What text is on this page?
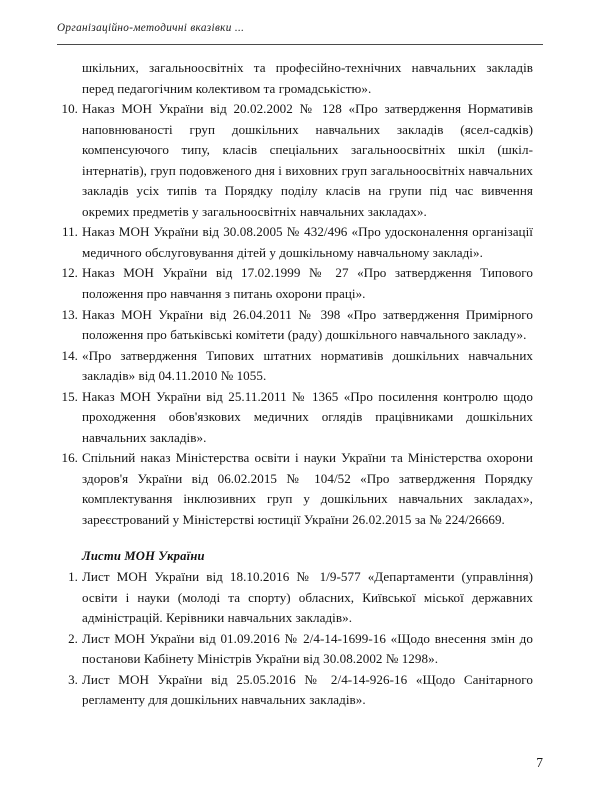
Організаційно-методичні вказівки ...

шкільних, загальноосвітніх та професійно-технічних навчальних закладів перед педагогічним колективом та громадськістю».

10. Наказ МОН України від 20.02.2002 № 128 «Про затвердження Нормативів наповнюваності груп дошкільних навчальних закладів (ясел-садків) компенсуючого типу, класів спеціальних загальноосвітніх шкіл (шкіл-інтернатів), груп подовженого дня і виховних груп загальноосвітніх навчальних закладів усіх типів та Порядку поділу класів на групи під час вивчення окремих предметів у загальноосвітніх навчальних закладах».
11. Наказ МОН України від 30.08.2005 № 432/496 «Про удосконалення організації медичного обслуговування дітей у дошкільному навчальному закладі».
12. Наказ МОН України від 17.02.1999 № 27 «Про затвердження Типового положення про навчання з питань охорони праці».
13. Наказ МОН України від 26.04.2011 № 398 «Про затвердження Примірного положення про батьківські комітети (раду) дошкільного навчального закладу».
14. «Про затвердження Типових штатних нормативів дошкільних навчальних закладів» від 04.11.2010 № 1055.
15. Наказ МОН України від 25.11.2011 № 1365 «Про посилення контролю щодо проходження обов'язкових медичних оглядів працівниками дошкільних навчальних закладів».
16. Спільний наказ Міністерства освіти і науки України та Міністерства охорони здоров'я України від 06.02.2015 № 104/52 «Про затвердження Порядку комплектування інклюзивних груп у дошкільних навчальних закладах», зареєстрований у Міністерстві юстиції України 26.02.2015 за № 224/26669.

Листи МОН України

1. Лист МОН України від 18.10.2016 № 1/9-577 «Департаменти (управління) освіти і науки (молоді та спорту) обласних, Київської міської державних адміністрацій. Керівники навчальних закладів».
2. Лист МОН України від 01.09.2016 № 2/4-14-1699-16 «Щодо внесення змін до постанови Кабінету Міністрів України від 30.08.2002 № 1298».
3. Лист МОН України від 25.05.2016 № 2/4-14-926-16 «Щодо Санітарного регламенту для дошкільних навчальних закладів».
7
